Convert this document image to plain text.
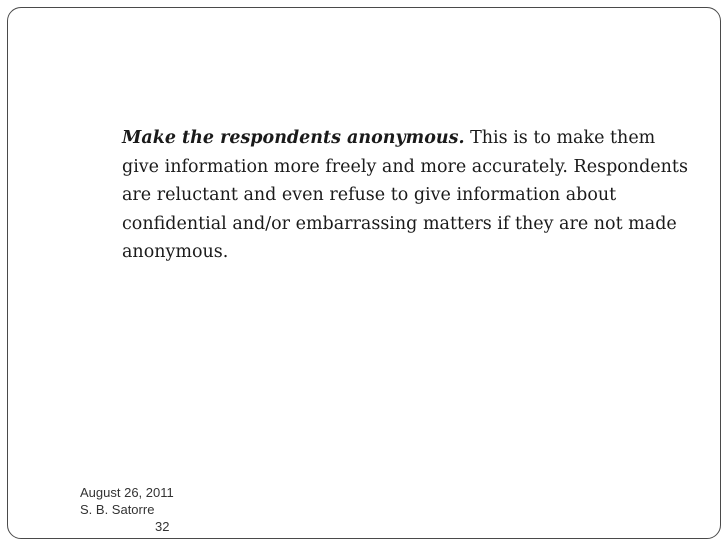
Make the respondents anonymous. This is to make them give information more freely and more accurately. Respondents are reluctant and even refuse to give information about confidential and/or embarrassing matters if they are not made anonymous.

August 26, 2011
S. B. Satorre
32
